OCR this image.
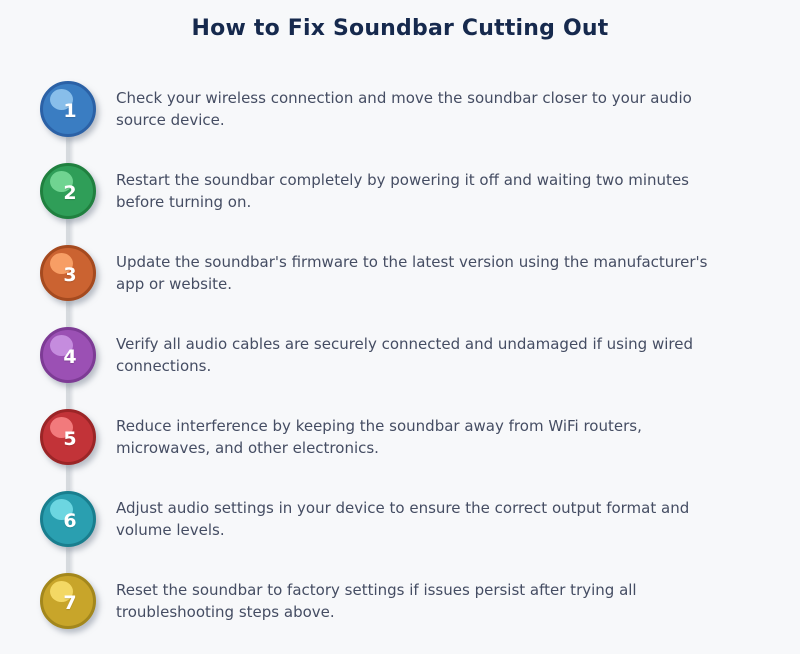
How to Fix Soundbar Cutting Out
1

Check your wireless connection and move the soundbar closer to your audio source device.

2

Restart the soundbar completely by powering it off and waiting two minutes before turning on.

3

Update the soundbar's firmware to the latest version using the manufacturer's app or website.

4

Verify all audio cables are securely connected and undamaged if using wired connections.

5

Reduce interference by keeping the soundbar away from WiFi routers, microwaves, and other electronics.

6

Adjust audio settings in your device to ensure the correct output format and volume levels.

7

Reset the soundbar to factory settings if issues persist after trying all troubleshooting steps above.
